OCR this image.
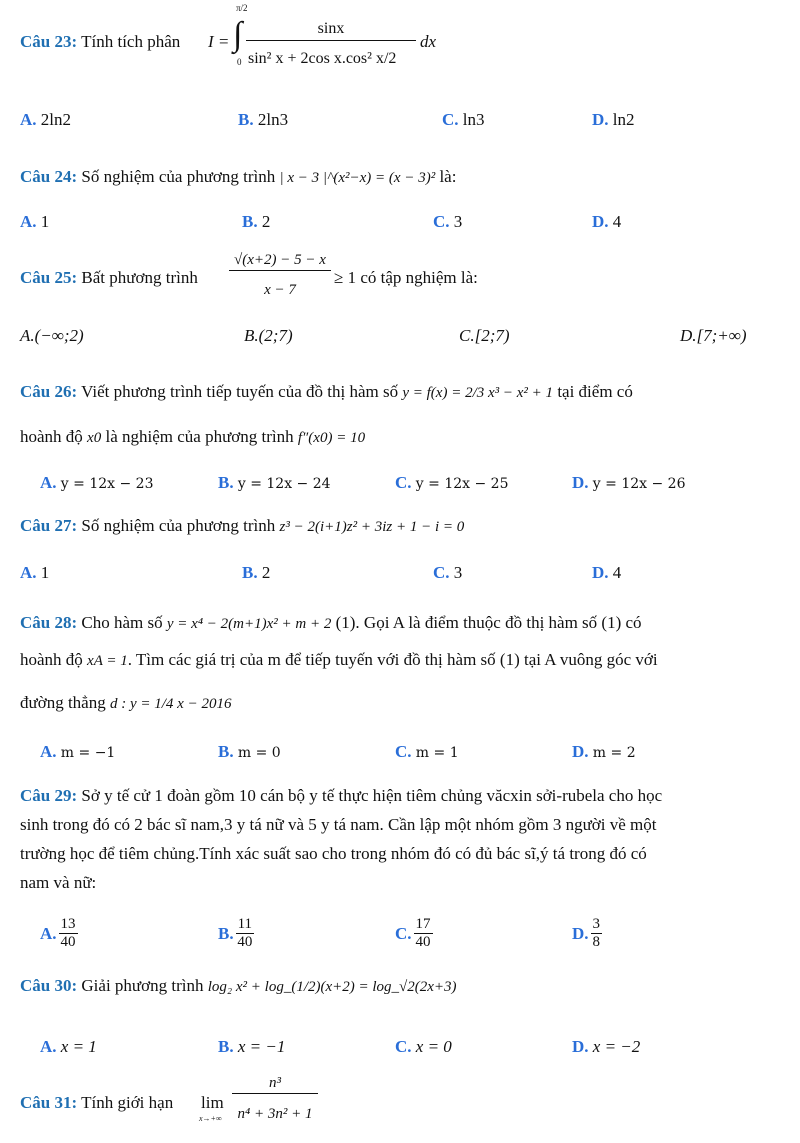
Câu 23: Tính tích phân I = ∫
π/2
0
sinx
sin² x + 2cos x.cos² x/2
dx
A. 2ln2	B. 2ln3	C. ln3	D. ln2
Câu 24: Số nghiệm của phương trình | x − 3 |^(x²−x) = (x − 3)² là:
A. 1	B. 2	C. 3	D. 4
Câu 25: Bất phương trình
√(x+2) − 5 − x
x − 7
≥ 1 có tập nghiệm là:
A.(−∞;2)	B.(2;7)	C.[2;7)	D.[7;+∞)
Câu 26: Viết phương trình tiếp tuyến của đồ thị hàm số y = f(x) = 2/3 x³ − x² + 1 tại điểm có
hoành độ x0 là nghiệm của phương trình f″(x0) = 10
A. y = 12x − 23	B. y = 12x − 24	C. y = 12x − 25	D. y = 12x − 26
Câu 27: Số nghiệm của phương trình z³ − 2(i+1)z² + 3iz + 1 − i = 0
A. 1	B. 2	C. 3	D. 4
Câu 28: Cho hàm số y = x⁴ − 2(m+1)x² + m + 2 (1). Gọi A là điểm thuộc đồ thị hàm số (1) có
hoành độ xA = 1. Tìm các giá trị của m để tiếp tuyến với đồ thị hàm số (1) tại A vuông góc với
đường thẳng d : y = 1/4 x − 2016
A. m = −1	B. m = 0	C. m = 1	D. m = 2
Câu 29: Sở y tế cử 1 đoàn gồm 10 cán bộ y tế thực hiện tiêm chủng văcxin sởi-rubela cho học
sinh trong đó có 2 bác sĩ nam,3 y tá nữ và 5 y tá nam. Cần lập một nhóm gồm 3 người về một
trường học để tiêm chủng.Tính xác suất sao cho trong nhóm đó có đủ bác sĩ,ý tá trong đó có
nam và nữ:
A. $\frac{13}{40}$	B. $\frac{11}{40}$	C. $\frac{17}{40}$	D. $\frac{3}{8}$
Câu 30: Giải phương trình log₂ x² + log_(1/2)(x+2) = log_√2(2x+3)
A. x = 1	B. x = −1	C. x = 0	D. x = −2
Câu 31: Tính giới hạn lim
x→+∞
n³
n⁴ + 3n² + 1
